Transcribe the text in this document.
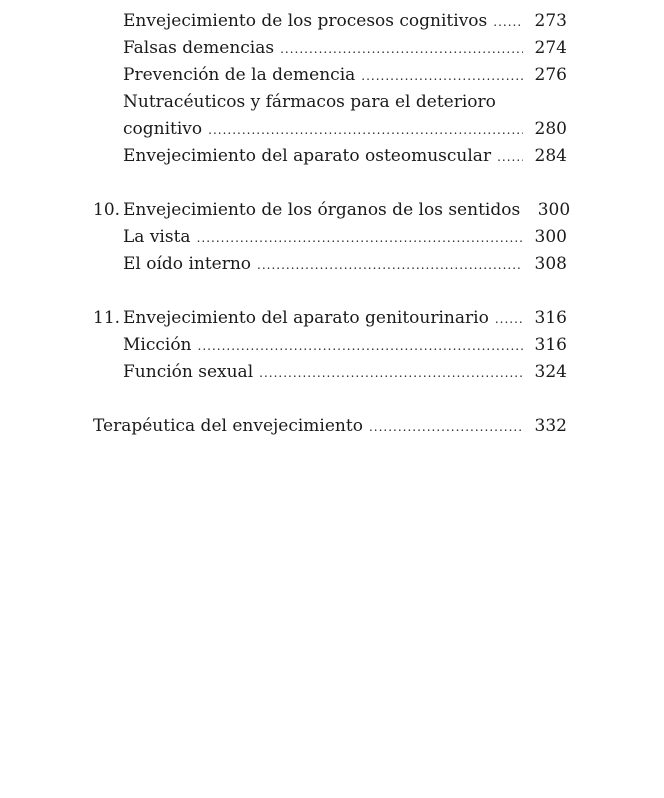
Envejecimiento de los procesos cognitivos .....	273
Falsas demencias .....	274
Prevención de la demencia .....	276
Nutracéuticos y fármacos para el deterioro
cognitivo .....	280
Envejecimiento del aparato osteomuscular .....	284
10. Envejecimiento de los órganos de los sentidos	300
La vista .....	300
El oído interno .....	308
11. Envejecimiento del aparato genitourinario .....	316
Micción .....	316
Función sexual .....	324
Terapéutica del envejecimiento .....	332
